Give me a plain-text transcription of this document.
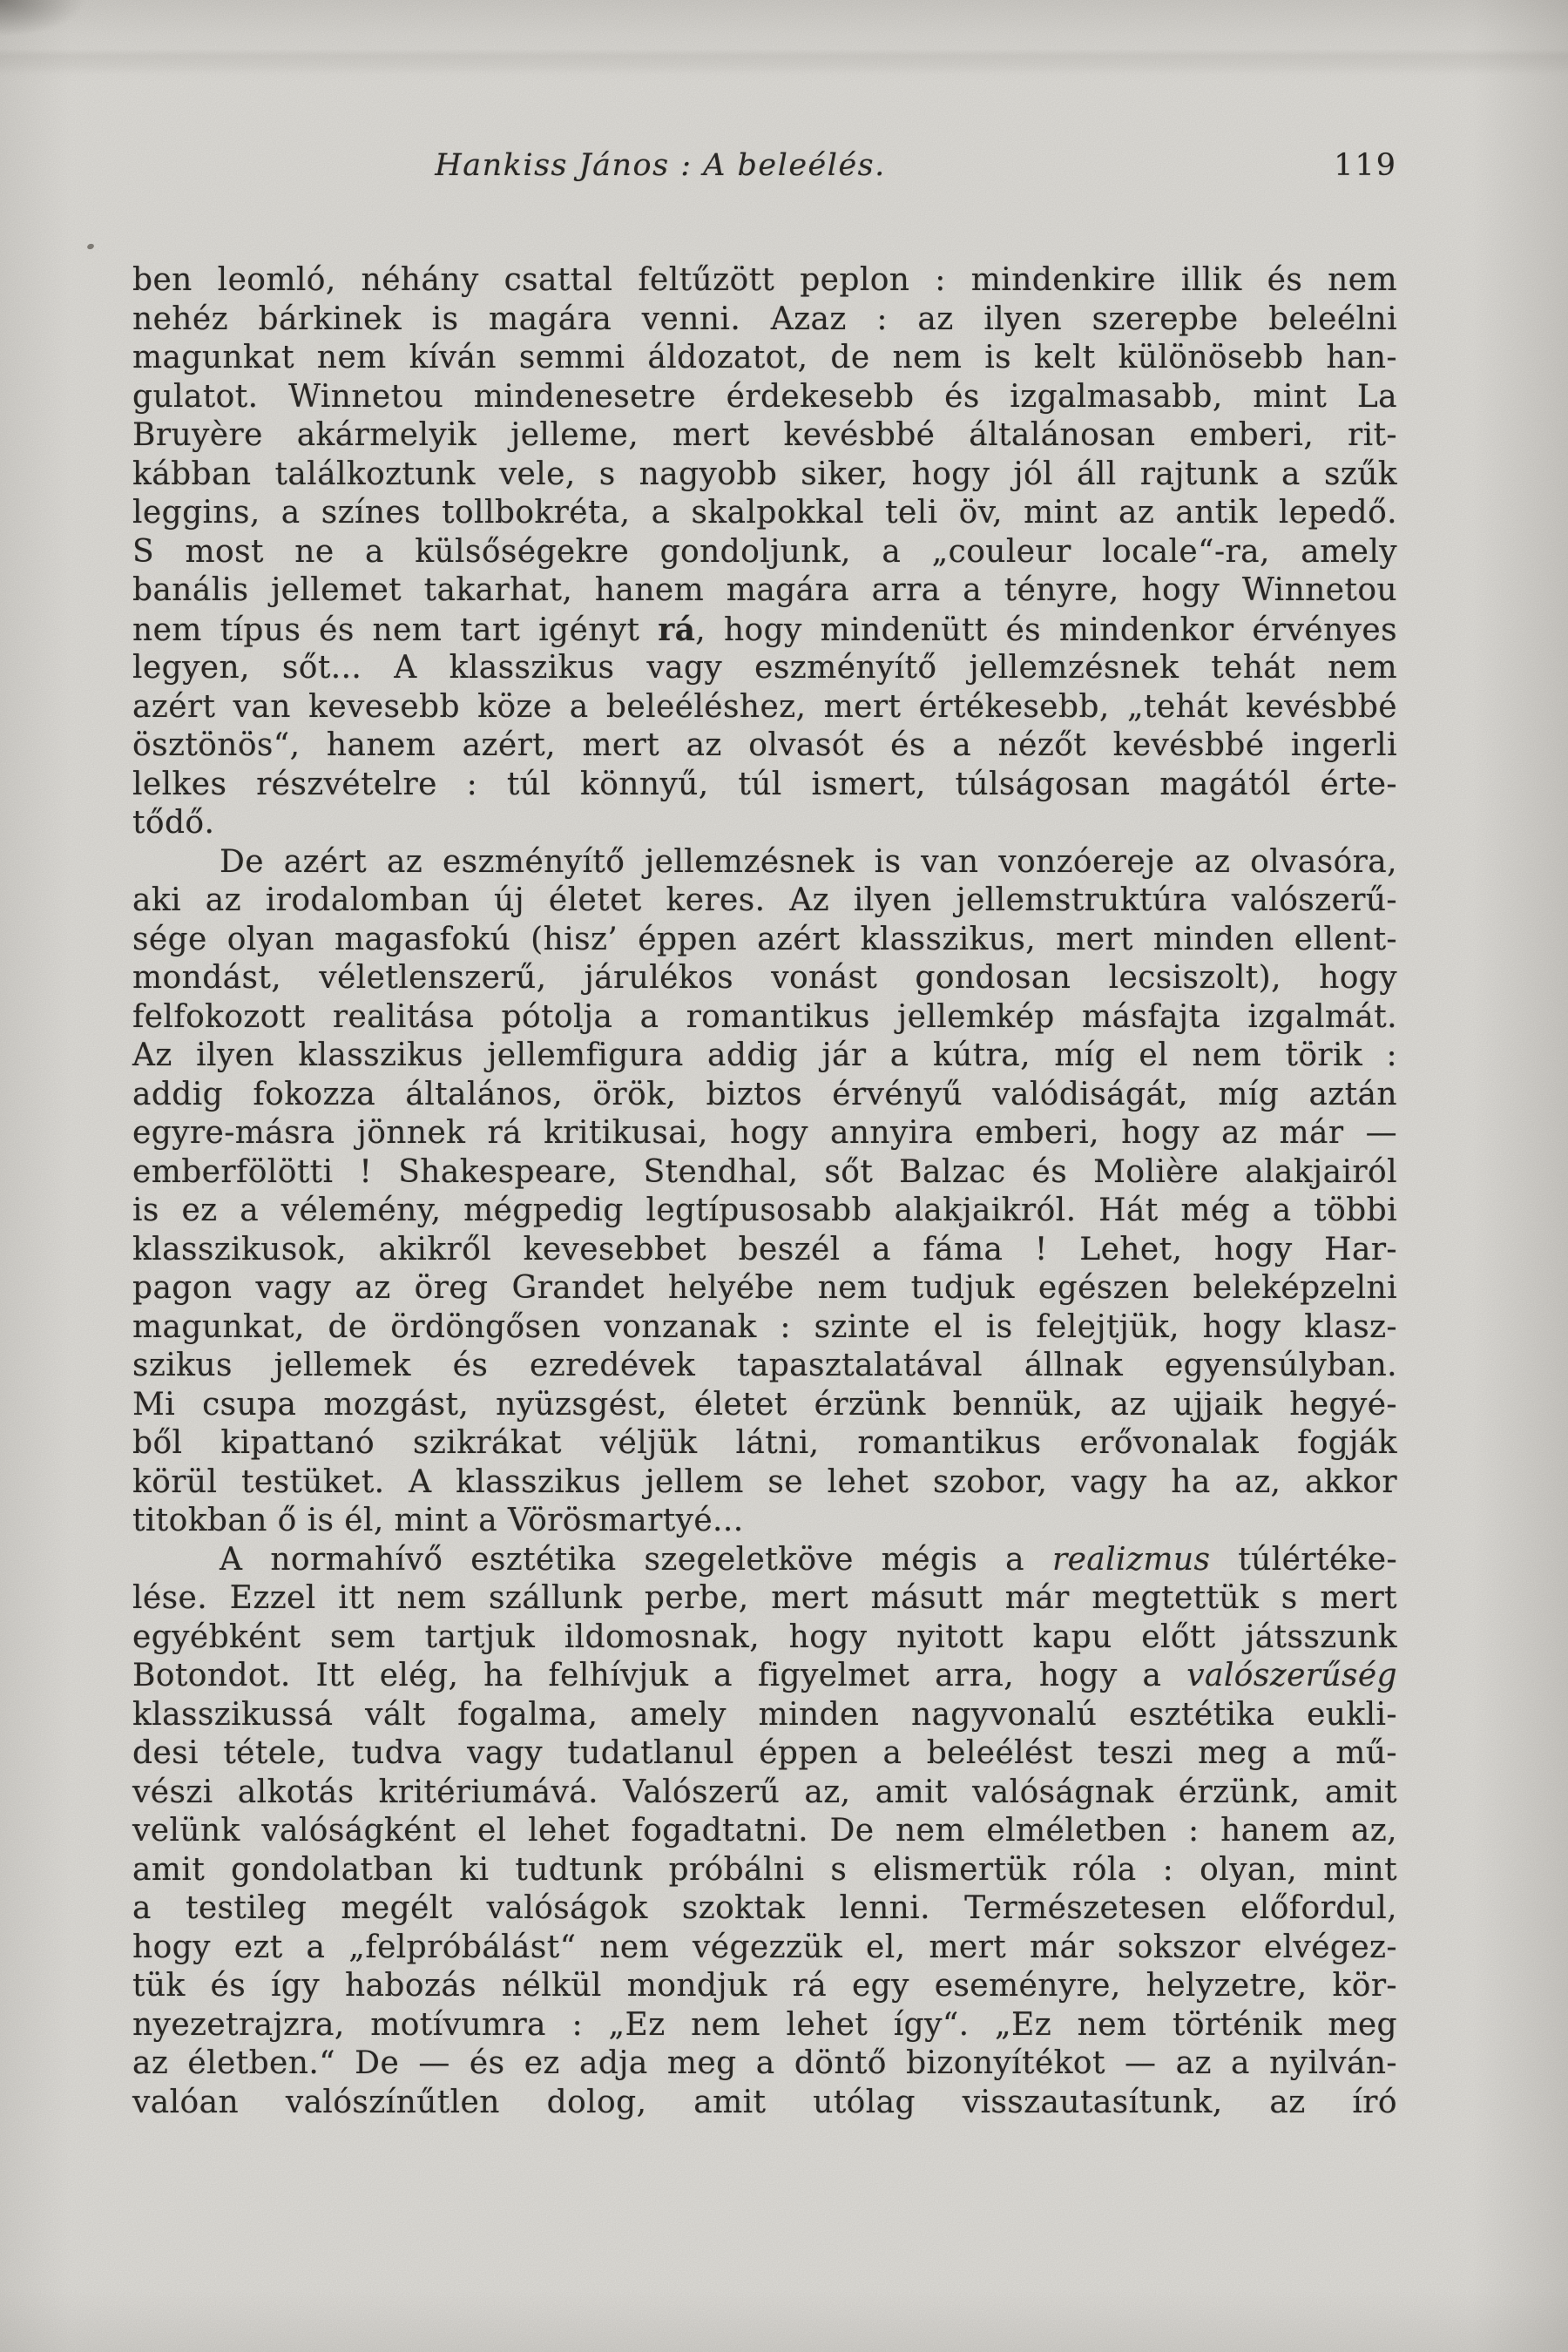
Hankiss János : A beleélés.	119
ben leomló, néhány csattal feltűzött peplon : mindenkire illik és nem
nehéz bárkinek is magára venni. Azaz : az ilyen szerepbe beleélni
magunkat nem kíván semmi áldozatot, de nem is kelt különösebb han-
gulatot. Winnetou mindenesetre érdekesebb és izgalmasabb, mint La
Bruyère akármelyik jelleme, mert kevésbbé általánosan emberi, rit-
kábban találkoztunk vele, s nagyobb siker, hogy jól áll rajtunk a szűk
leggins, a színes tollbokréta, a skalpokkal teli öv, mint az antik lepedő.
S most ne a külsőségekre gondoljunk, a „couleur locale“-ra, amely
banális jellemet takarhat, hanem magára arra a tényre, hogy Winnetou
nem típus és nem tart igényt rá, hogy mindenütt és mindenkor érvényes
legyen, sőt... A klasszikus vagy eszményítő jellemzésnek tehát nem
azért van kevesebb köze a beleéléshez, mert értékesebb, „tehát kevésbbé
ösztönös“, hanem azért, mert az olvasót és a nézőt kevésbbé ingerli
lelkes részvételre : túl könnyű, túl ismert, túlságosan magától érte-
tődő.
De azért az eszményítő jellemzésnek is van vonzóereje az olvasóra,
aki az irodalomban új életet keres. Az ilyen jellemstruktúra valószerű-
sége olyan magasfokú (hisz’ éppen azért klasszikus, mert minden ellent-
mondást, véletlenszerű, járulékos vonást gondosan lecsiszolt), hogy
felfokozott realitása pótolja a romantikus jellemkép másfajta izgalmát.
Az ilyen klasszikus jellemfigura addig jár a kútra, míg el nem törik :
addig fokozza általános, örök, biztos érvényű valódiságát, míg aztán
egyre-másra jönnek rá kritikusai, hogy annyira emberi, hogy az már —
emberfölötti ! Shakespeare, Stendhal, sőt Balzac és Molière alakjairól
is ez a vélemény, mégpedig legtípusosabb alakjaikról. Hát még a többi
klasszikusok, akikről kevesebbet beszél a fáma ! Lehet, hogy Har-
pagon vagy az öreg Grandet helyébe nem tudjuk egészen beleképzelni
magunkat, de ördöngősen vonzanak : szinte el is felejtjük, hogy klasz-
szikus jellemek és ezredévek tapasztalatával állnak egyensúlyban.
Mi csupa mozgást, nyüzsgést, életet érzünk bennük, az ujjaik hegyé-
ből kipattanó szikrákat véljük látni, romantikus erővonalak fogják
körül testüket. A klasszikus jellem se lehet szobor, vagy ha az, akkor
titokban ő is él, mint a Vörösmartyé...
A normahívő esztétika szegeletköve mégis a realizmus túlértéke-
lése. Ezzel itt nem szállunk perbe, mert másutt már megtettük s mert
egyébként sem tartjuk ildomosnak, hogy nyitott kapu előtt játsszunk
Botondot. Itt elég, ha felhívjuk a figyelmet arra, hogy a valószerűség
klasszikussá vált fogalma, amely minden nagyvonalú esztétika eukli-
desi tétele, tudva vagy tudatlanul éppen a beleélést teszi meg a mű-
vészi alkotás kritériumává. Valószerű az, amit valóságnak érzünk, amit
velünk valóságként el lehet fogadtatni. De nem elméletben : hanem az,
amit gondolatban ki tudtunk próbálni s elismertük róla : olyan, mint
a testileg megélt valóságok szoktak lenni. Természetesen előfordul,
hogy ezt a „felpróbálást“ nem végezzük el, mert már sokszor elvégez-
tük és így habozás nélkül mondjuk rá egy eseményre, helyzetre, kör-
nyezetrajzra, motívumra : „Ez nem lehet így“. „Ez nem történik meg
az életben.“ De — és ez adja meg a döntő bizonyítékot — az a nyilván-
valóan valószínűtlen dolog, amit utólag visszautasítunk, az író
